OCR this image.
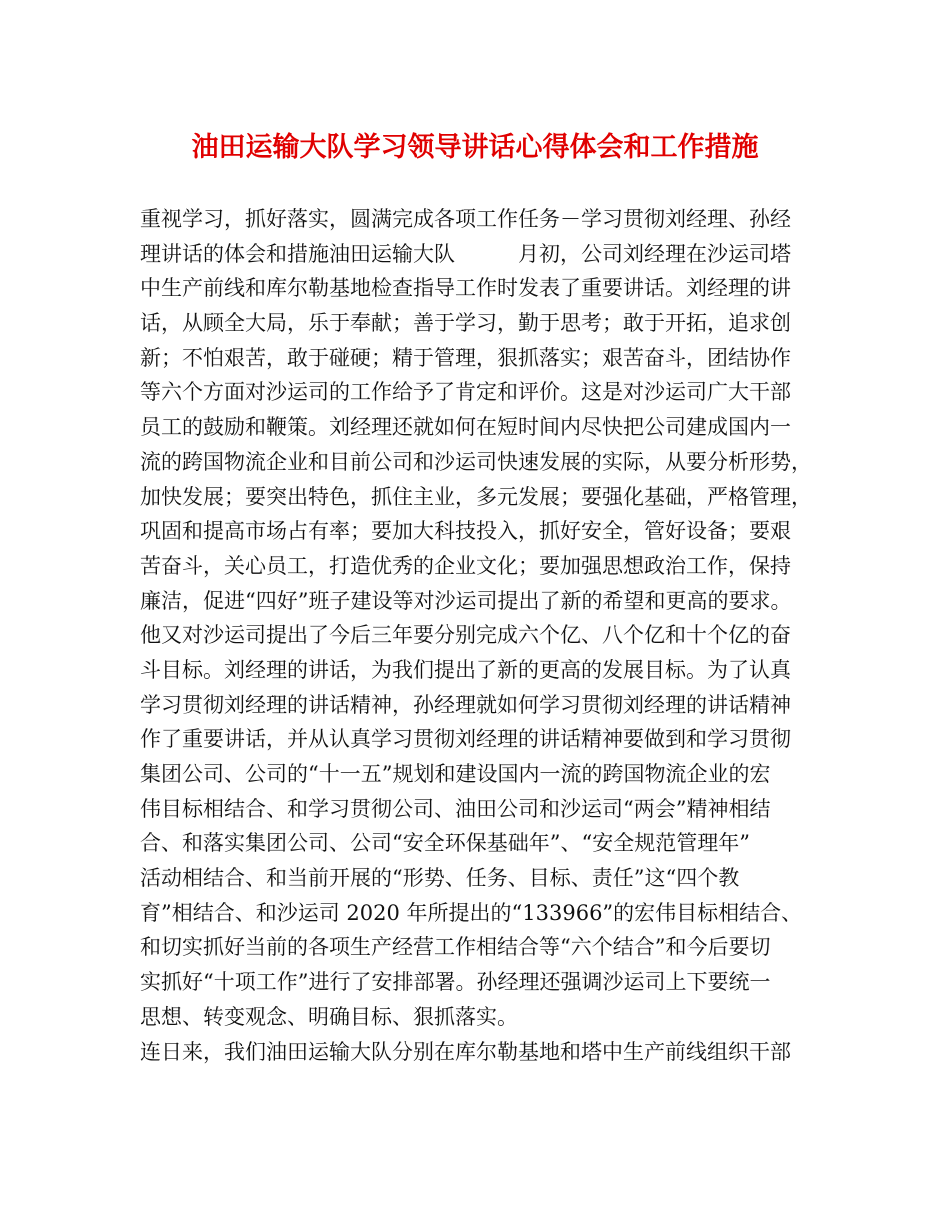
油田运输大队学习领导讲话心得体会和工作措施
重视学习，抓好落实，圆满完成各项工作任务－学习贯彻刘经理、孙经
理讲话的体会和措施油田运输大队　　　月初，公司刘经理在沙运司塔
中生产前线和库尔勒基地检查指导工作时发表了重要讲话。刘经理的讲
话，从顾全大局，乐于奉献；善于学习，勤于思考；敢于开拓，追求创
新；不怕艰苦，敢于碰硬；精于管理，狠抓落实；艰苦奋斗，团结协作
等六个方面对沙运司的工作给予了肯定和评价。这是对沙运司广大干部
员工的鼓励和鞭策。刘经理还就如何在短时间内尽快把公司建成国内一
流的跨国物流企业和目前公司和沙运司快速发展的实际，从要分析形势，
加快发展；要突出特色，抓住主业，多元发展；要强化基础，严格管理，
巩固和提高市场占有率；要加大科技投入，抓好安全，管好设备；要艰
苦奋斗，关心员工，打造优秀的企业文化；要加强思想政治工作，保持
廉洁，促进“四好”班子建设等对沙运司提出了新的希望和更高的要求。
他又对沙运司提出了今后三年要分别完成六个亿、八个亿和十个亿的奋
斗目标。刘经理的讲话，为我们提出了新的更高的发展目标。为了认真
学习贯彻刘经理的讲话精神，孙经理就如何学习贯彻刘经理的讲话精神
作了重要讲话，并从认真学习贯彻刘经理的讲话精神要做到和学习贯彻
集团公司、公司的“十一五”规划和建设国内一流的跨国物流企业的宏
伟目标相结合、和学习贯彻公司、油田公司和沙运司“两会”精神相结
合、和落实集团公司、公司“安全环保基础年”、“安全规范管理年”
活动相结合、和当前开展的“形势、任务、目标、责任”这“四个教
育”相结合、和沙运司 2020 年所提出的“133966”的宏伟目标相结合、
和切实抓好当前的各项生产经营工作相结合等“六个结合”和今后要切
实抓好“十项工作”进行了安排部署。孙经理还强调沙运司上下要统一
思想、转变观念、明确目标、狠抓落实。
连日来，我们油田运输大队分别在库尔勒基地和塔中生产前线组织干部
